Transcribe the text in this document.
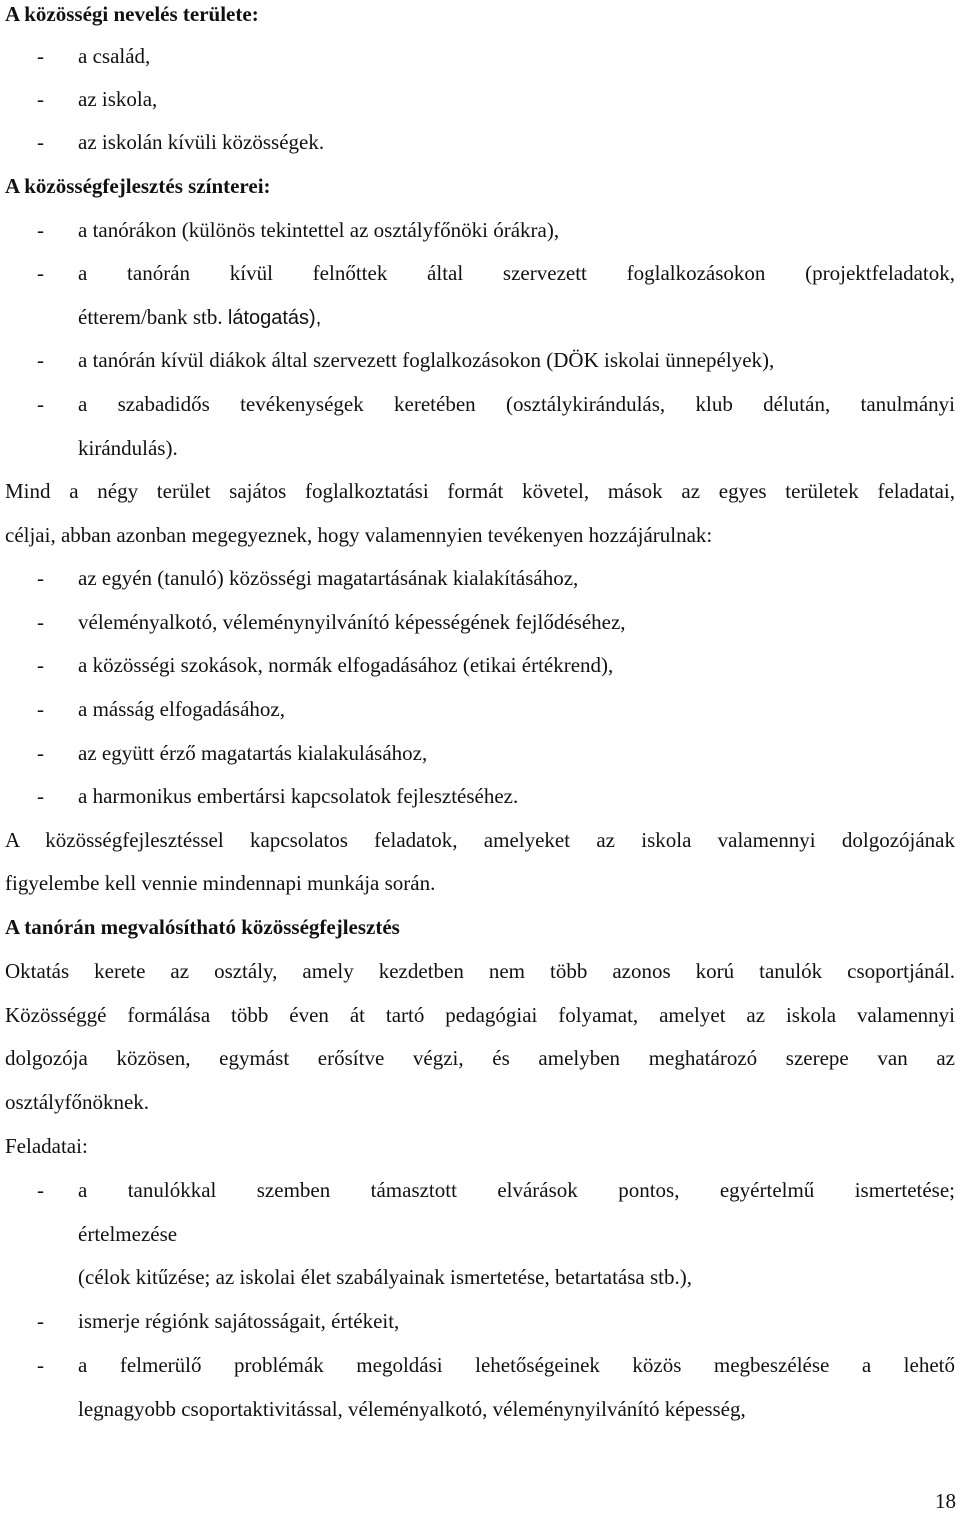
A közösségi nevelés területe:
- a család,
- az iskola,
- az iskolán kívüli közösségek.
A közösségfejlesztés színterei:
- a tanórákon (különös tekintettel az osztályfőnöki órákra),
- a tanórán kívül felnőttek által szervezett foglalkozásokon (projektfeladatok,
étterem/bank stb. látogatás),
- a tanórán kívül diákok által szervezett foglalkozásokon (DÖK iskolai ünnepélyek),
- a szabadidős tevékenységek keretében (osztálykirándulás, klub délután, tanulmányi
kirándulás).
Mind a négy terület sajátos foglalkoztatási formát követel, mások az egyes területek feladatai,
céljai, abban azonban megegyeznek, hogy valamennyien tevékenyen hozzájárulnak:
- az egyén (tanuló) közösségi magatartásának kialakításához,
- véleményalkotó, véleménynyilvánító képességének fejlődéséhez,
- a közösségi szokások, normák elfogadásához (etikai értékrend),
- a másság elfogadásához,
- az együtt érző magatartás kialakulásához,
- a harmonikus embertársi kapcsolatok fejlesztéséhez.
A közösségfejlesztéssel kapcsolatos feladatok, amelyeket az iskola valamennyi dolgozójának
figyelembe kell vennie mindennapi munkája során.
A tanórán megvalósítható közösségfejlesztés
Oktatás kerete az osztály, amely kezdetben nem több azonos korú tanulók csoportjánál.
Közösséggé formálása több éven át tartó pedagógiai folyamat, amelyet az iskola valamennyi
dolgozója közösen, egymást erősítve végzi, és amelyben meghatározó szerepe van az
osztályfőnöknek.
Feladatai:
- a tanulókkal szemben támasztott elvárások pontos, egyértelmű ismertetése;
értelmezése
(célok kitűzése; az iskolai élet szabályainak ismertetése, betartatása stb.),
- ismerje régiónk sajátosságait, értékeit,
- a felmerülő problémák megoldási lehetőségeinek közös megbeszélése a lehető
legnagyobb csoportaktivitással, véleményalkotó, véleménynyilvánító képesség,
18
